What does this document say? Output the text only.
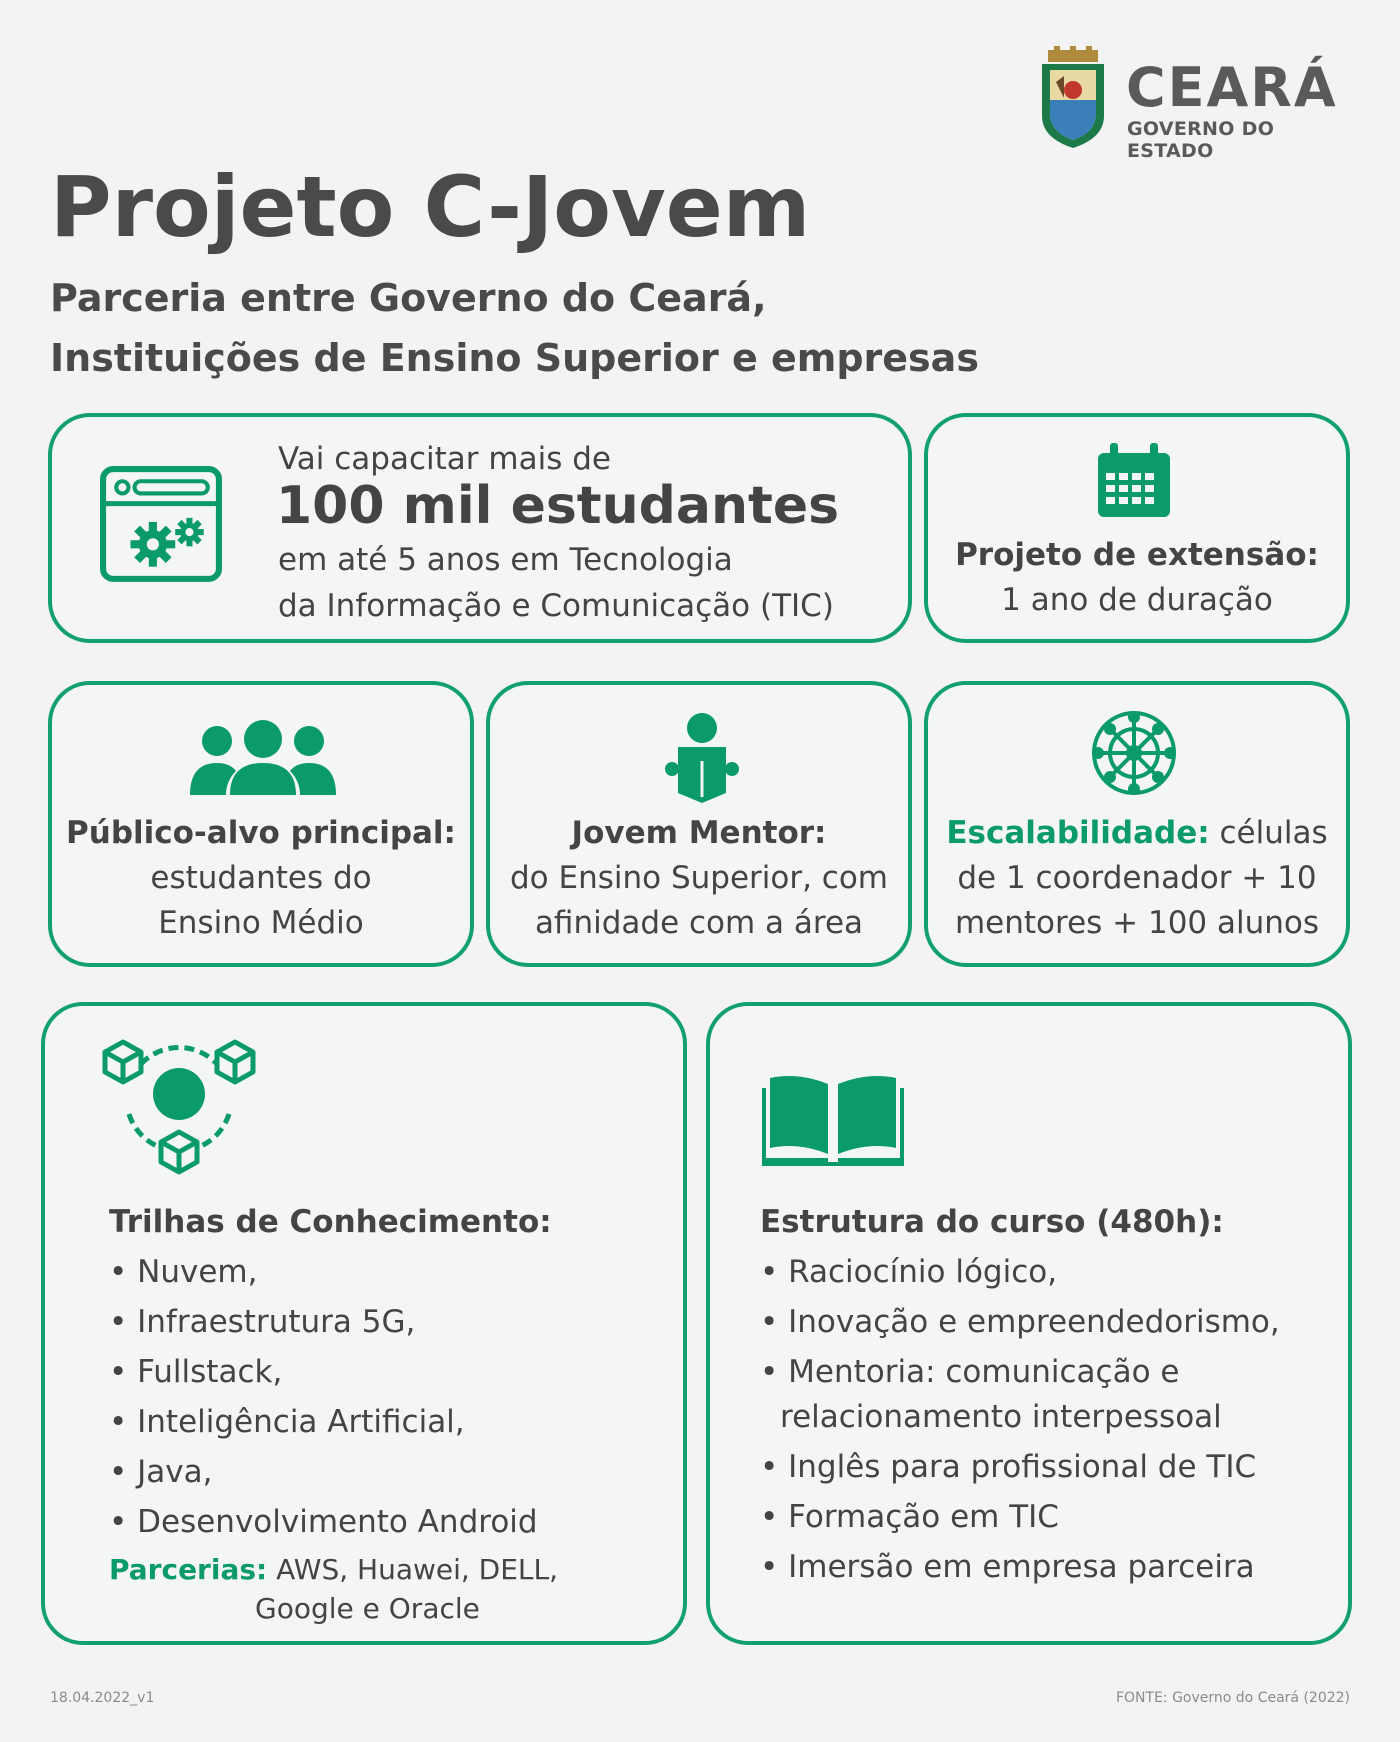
CEARÁ
GOVERNO DO ESTADO
Projeto C-Jovem
Parceria entre Governo do Ceará,
Instituições de Ensino Superior e empresas
Vai capacitar mais de
100 mil estudantes
em até 5 anos em Tecnologia
da Informação e Comunicação (TIC)
Projeto de extensão:
1 ano de duração
Público-alvo principal:
estudantes do
Ensino Médio
Jovem Mentor:
do Ensino Superior, com
afinidade com a área
Escalabilidade: células
de 1 coordenador + 10
mentores + 100 alunos
Trilhas de Conhecimento:
• Nuvem,
• Infraestrutura 5G,
• Fullstack,
• Inteligência Artificial,
• Java,
• Desenvolvimento Android
Parcerias: AWS, Huawei, DELL,
Google e Oracle
Estrutura do curso (480h):
• Raciocínio lógico,
• Inovação e empreendedorismo,
• Mentoria: comunicação e
relacionamento interpessoal
• Inglês para profissional de TIC
• Formação em TIC
• Imersão em empresa parceira
18.04.2022_v1	FONTE: Governo do Ceará (2022)
